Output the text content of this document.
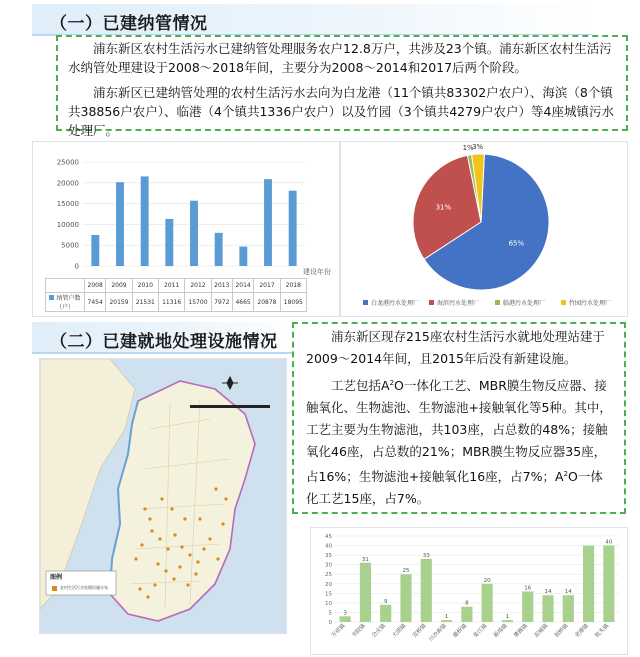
（一）已建纳管情况

浦东新区农村生活污水已建纳管处理服务农户12.8万户，共涉及23个镇。浦东新区农村生活污水纳管处理建设于2008～2018年间，主要分为2008～2014和2017后两个阶段。

浦东新区已建纳管处理的农村生活污水去向为白龙港（11个镇共83302户农户）、海滨（8个镇共38856户农户）、临港（4个镇共1336户农户）以及竹园（3个镇共4279户农户）等4座城镇污水处理厂。

0
5000
10000
15000
20000
25000
建设年份
	2008	2009	2010	2011	2012	2013	2014	2017	2018
纳管户数（户）	7454	20159	21531	11316	15700	7972	4665	20878	18095
65%
31%
1%
3%
白龙港污水处理厂	海滨污水处理厂	临港污水处理厂	竹园污水处理厂
（二）已建就地处理设施情况
图例
农村生活污水处理设施分布

浦东新区现存215座农村生活污水就地处理站建于2009～2014年间，且2015年后没有新建设施。

工艺包括$A^2O$一体化工艺、MBR膜生物反应器、接触氧化、生物滤池、生物滤池+接触氧化等5种。其中，工艺主要为生物滤池，共103座，占总数的48%；接触氧化46座，占总数的21%；MBR膜生物反应器35座，占16%；生物滤池+接触氧化16座，占7%；$A^2O$一体化工艺15座，占7%。

0
5
10
15
20
25
30
35
40
45
3
万祥镇
31
书院镇
9
合庆镇
25
大团镇
33
宣桥镇
1
川沙新镇
8
康桥镇
20
张江镇
1
新场镇
16
曹路镇
14
泥城镇
14
祝桥镇 老港镇
40
航头镇
